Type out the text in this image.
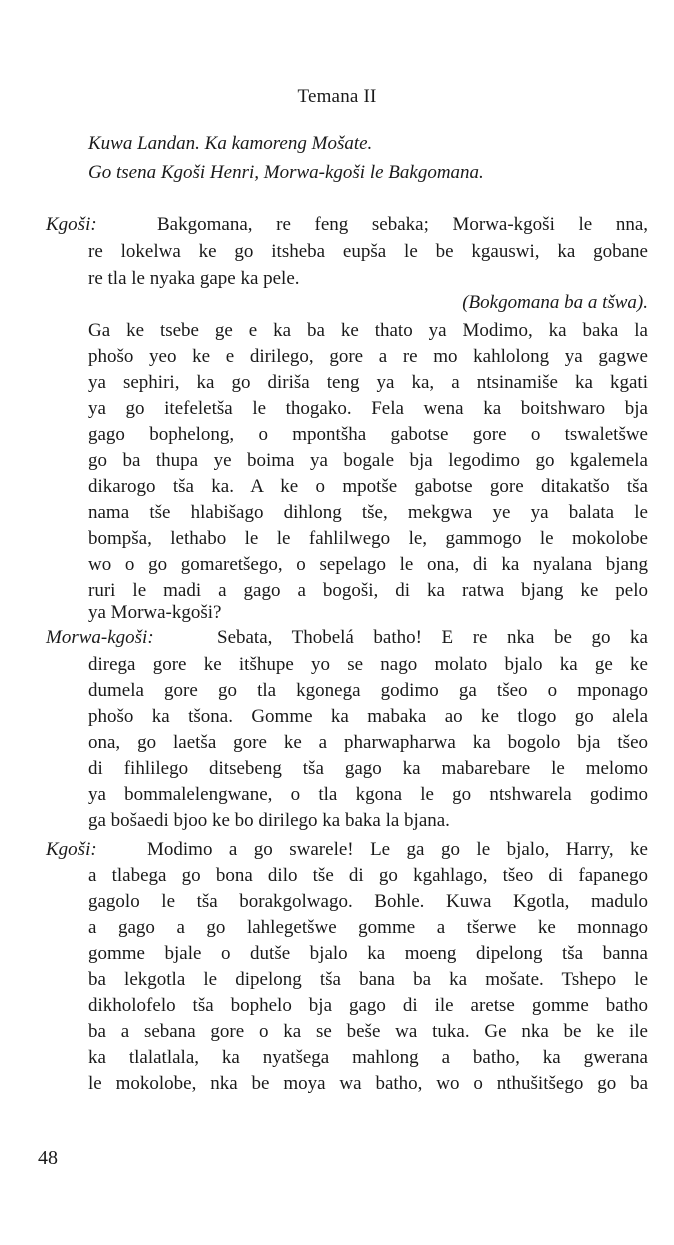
Temana II
Kuwa Landan. Ka kamoreng Mošate.
Go tsena Kgoši Henri, Morwa-kgoši le Bakgomana.
Kgoši:	Bakgomana, re feng sebaka; Morwa-kgoši le nna,
re lokelwa ke go itsheba eupša le be kgauswi, ka gobane
re tla le nyaka gape ka pele.
(Bokgomana ba a tšwa).
Ga ke tsebe ge e ka ba ke thato ya Modimo, ka baka la
phošo yeo ke e dirilego, gore a re mo kahlolong ya gagwe
ya sephiri, ka go diriša teng ya ka, a ntsinamiše ka kgati
ya go itefeletša le thogako. Fela wena ka boitshwaro bja
gago bophelong, o mpontšha gabotse gore o tswaletšwe
go ba thupa ye boima ya bogale bja legodimo go kgalemela
dikarogo tša ka. A ke o mpotše gabotse gore ditakatšo tša
nama tše hlabišago dihlong tše, mekgwa ye ya balata le
bompša, lethabo le le fahlilwego le, gammogo le mokolobe
wo o go gomaretšego, o sepelago le ona, di ka nyalana bjang
ruri le madi a gago a bogoši, di ka ratwa bjang ke pelo
ya Morwa-kgoši?
Morwa-kgoši:	Sebata, Thobelá batho! E re nka be go ka
direga gore ke itšhupe yo se nago molato bjalo ka ge ke
dumela gore go tla kgonega godimo ga tšeo o mponago
phošo ka tšona. Gomme ka mabaka ao ke tlogo go alela
ona, go laetša gore ke a pharwapharwa ka bogolo bja tšeo
di fihlilego ditsebeng tša gago ka mabarebare le melomo
ya bommalelengwane, o tla kgona le go ntshwarela godimo
ga bošaedi bjoo ke bo dirilego ka baka la bjana.
Kgoši:	Modimo a go swarele! Le ga go le bjalo, Harry, ke
a tlabega go bona dilo tše di go kgahlago, tšeo di fapanego
gagolo le tša borakgolwago. Bohle. Kuwa Kgotla, madulo
a gago a go lahlegetšwe gomme a tšerwe ke monnago
gomme bjale o dutše bjalo ka moeng dipelong tša banna
ba lekgotla le dipelong tša bana ba ka mošate. Tshepo le
dikholofelo tša bophelo bja gago di ile aretse gomme batho
ba a sebana gore o ka se beše wa tuka. Ge nka be ke ile
ka tlalatlala, ka nyatšega mahlong a batho, ka gwerana
le mokolobe, nka be moya wa batho, wo o nthušitšego go ba
48
